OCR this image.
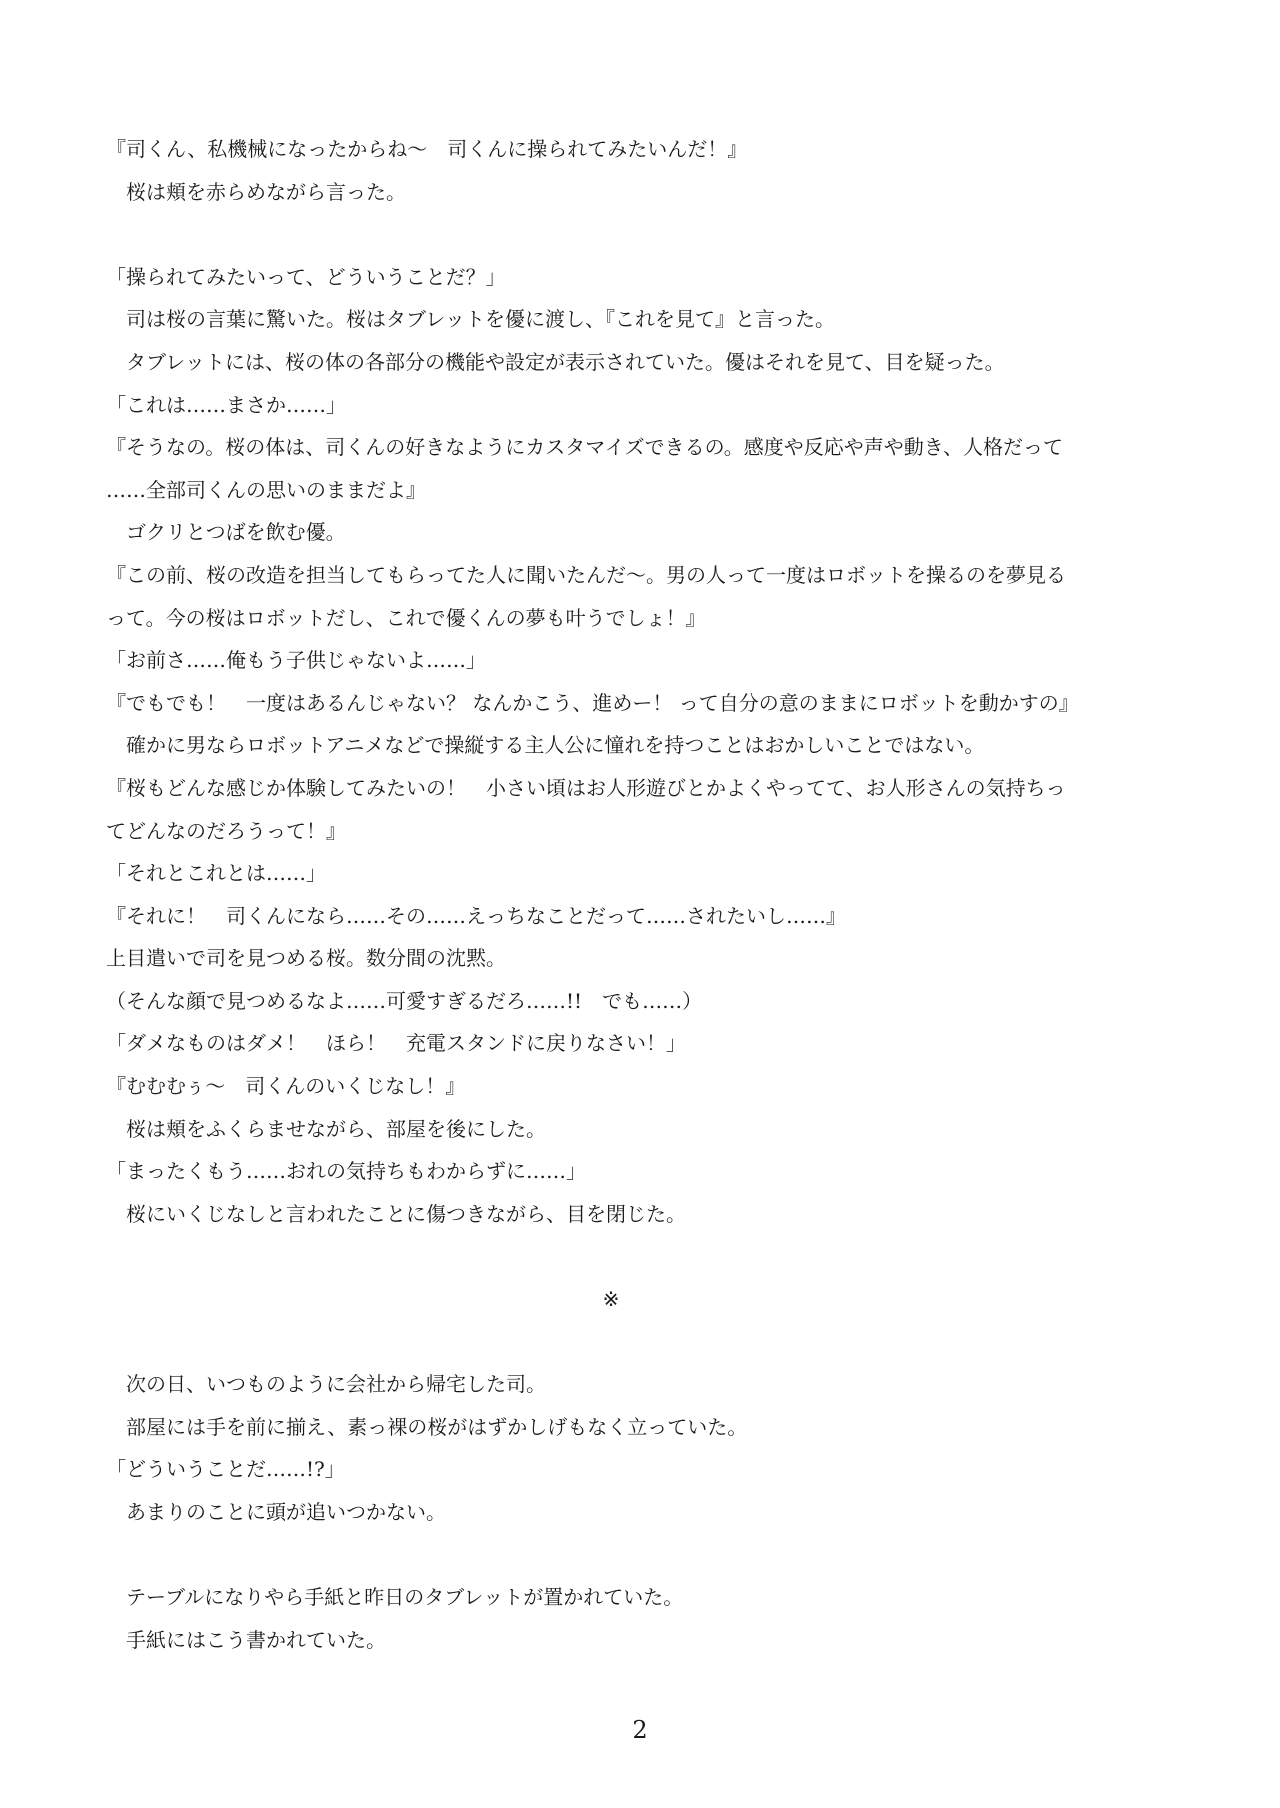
『司くん、私機械になったからね〜　司くんに操られてみたいんだ！』
　桜は頬を赤らめながら言った。
「操られてみたいって、どういうことだ？」
　司は桜の言葉に驚いた。桜はタブレットを優に渡し、『これを見て』と言った。
　タブレットには、桜の体の各部分の機能や設定が表示されていた。優はそれを見て、目を疑った。
「これは……まさか……」
『そうなの。桜の体は、司くんの好きなようにカスタマイズできるの。感度や反応や声や動き、人格だって
……全部司くんの思いのままだよ』
　ゴクリとつばを飲む優。
『この前、桜の改造を担当してもらってた人に聞いたんだ〜。男の人って一度はロボットを操るのを夢見る
って。今の桜はロボットだし、これで優くんの夢も叶うでしょ！』
「お前さ……俺もう子供じゃないよ……」
『でもでも！　一度はあるんじゃない？ なんかこう、進めー！ って自分の意のままにロボットを動かすの』
　確かに男ならロボットアニメなどで操縦する主人公に憧れを持つことはおかしいことではない。
『桜もどんな感じか体験してみたいの！　小さい頃はお人形遊びとかよくやってて、お人形さんの気持ちっ
てどんなのだろうって！』
「それとこれとは……」
『それに！　司くんになら……その……えっちなことだって……されたいし……』
上目遣いで司を見つめる桜。数分間の沈黙。
（そんな顔で見つめるなよ……可愛すぎるだろ……!!　でも……）
「ダメなものはダメ！　ほら！　充電スタンドに戻りなさい！」
『むむむぅ〜　司くんのいくじなし！』
　桜は頬をふくらませながら、部屋を後にした。
「まったくもう……おれの気持ちもわからずに……」
　桜にいくじなしと言われたことに傷つきながら、目を閉じた。
※
　次の日、いつものように会社から帰宅した司。
　部屋には手を前に揃え、素っ裸の桜がはずかしげもなく立っていた。
「どういうことだ……!?」
　あまりのことに頭が追いつかない。
　テーブルになりやら手紙と昨日のタブレットが置かれていた。
　手紙にはこう書かれていた。
2
